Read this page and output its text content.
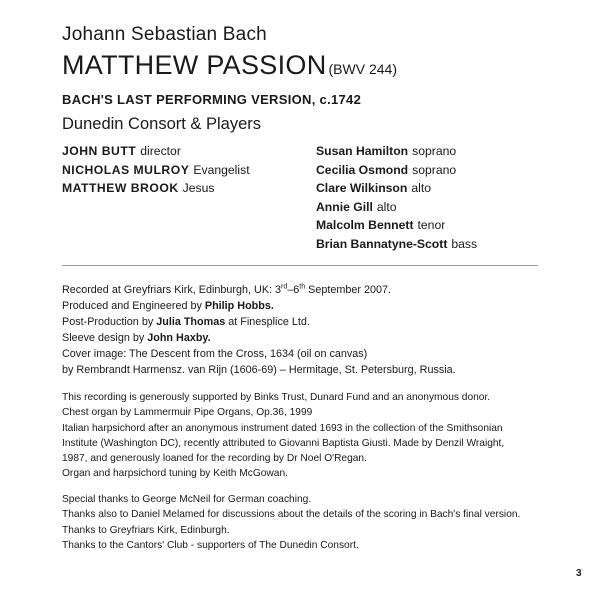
Johann Sebastian Bach
MATTHEW PASSION (BWV 244)
BACH'S LAST PERFORMING VERSION, c.1742
Dunedin Consort & Players
JOHN BUTT director
NICHOLAS MULROY Evangelist
MATTHEW BROOK Jesus
Susan Hamilton soprano
Cecilia Osmond soprano
Clare Wilkinson alto
Annie Gill alto
Malcolm Bennett tenor
Brian Bannatyne-Scott bass
Recorded at Greyfriars Kirk, Edinburgh, UK: 3rd–6th September 2007.
Produced and Engineered by Philip Hobbs.
Post-Production by Julia Thomas at Finesplice Ltd.
Sleeve design by John Haxby.
Cover image: The Descent from the Cross, 1634 (oil on canvas)
by Rembrandt Harmensz. van Rijn (1606-69) – Hermitage, St. Petersburg, Russia.
This recording is generously supported by Binks Trust, Dunard Fund and an anonymous donor.
Chest organ by Lammermuir Pipe Organs, Op.36, 1999
Italian harpsichord after an anonymous instrument dated 1693 in the collection of the Smithsonian
Institute (Washington DC), recently attributed to Giovanni Baptista Giusti. Made by Denzil Wraight,
1987, and generously loaned for the recording by Dr Noel O'Regan.
Organ and harpsichord tuning by Keith McGowan.
Special thanks to George McNeil for German coaching.
Thanks also to Daniel Melamed for discussions about the details of the scoring in Bach's final version.
Thanks to Greyfriars Kirk, Edinburgh.
Thanks to the Cantors' Club - supporters of The Dunedin Consort.
3
